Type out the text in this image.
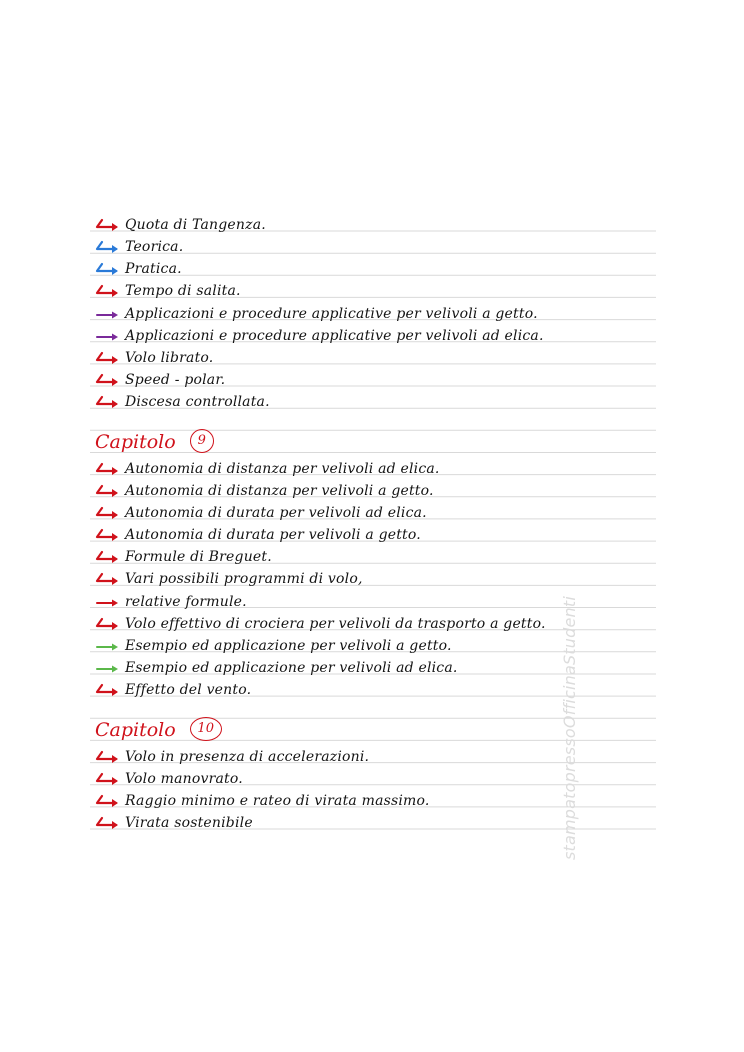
Quota di Tangenza.
Teorica.
Pratica.
Tempo di salita.
Applicazioni e procedure applicative per velivoli a getto.
Applicazioni e procedure applicative per velivoli ad elica.
Volo librato.
Speed - polar.
Discesa controllata.
Capitolo	9
Autonomia di distanza per velivoli ad elica.
Autonomia di distanza per velivoli a getto.
Autonomia di durata per velivoli ad elica.
Autonomia di durata per velivoli a getto.
Formule di Breguet.
Vari possibili programmi di volo,
relative formule.
Volo effettivo di crociera per velivoli da trasporto a getto.
Esempio ed applicazione per velivoli a getto.
Esempio ed applicazione per velivoli ad elica.
Effetto del vento.
Capitolo	10
Volo in presenza di accelerazioni.
Volo manovrato.
Raggio minimo e rateo di virata massimo.
Virata sostenibile	stampatopressoOfficinaStudenti
